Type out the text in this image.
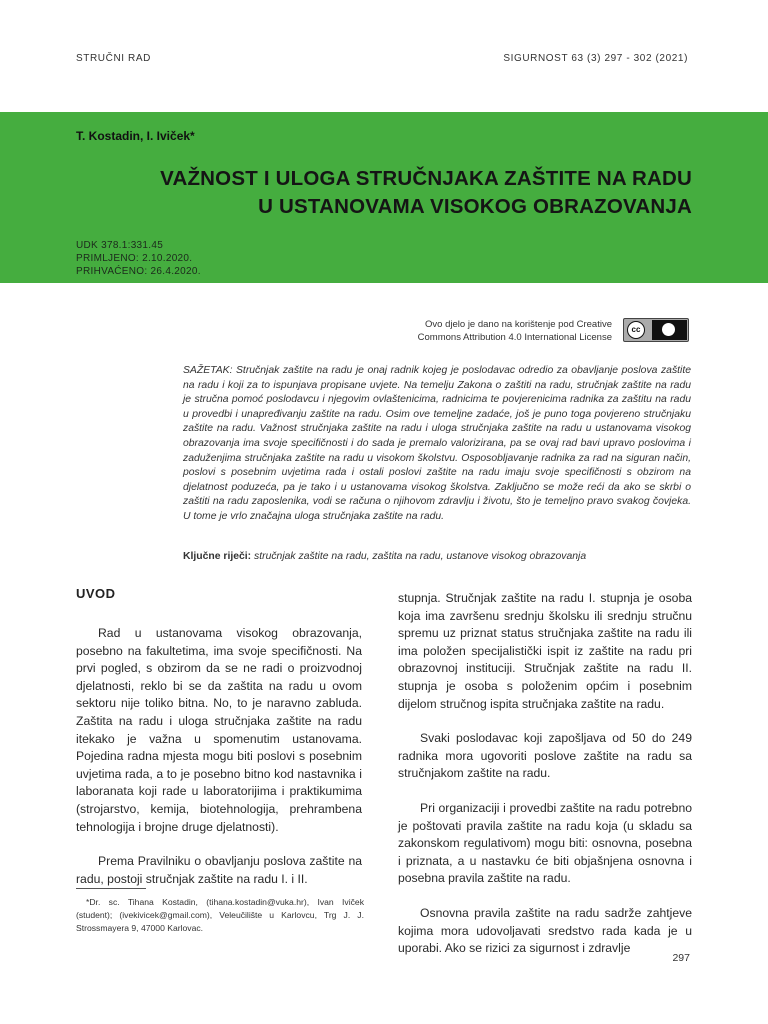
STRUČNI RAD	SIGURNOST 63 (3) 297 - 302 (2021)
T. Kostadin, I. Iviček*
VAŽNOST I ULOGA STRUČNJAKA ZAŠTITE NA RADU
U USTANOVAMA VISOKOG OBRAZOVANJA
UDK 378.1:331.45
PRIMLJENO: 2.10.2020.
PRIHVAĆENO: 26.4.2020.
Ovo djelo je dano na korištenje pod Creative
Commons Attribution 4.0 International License
cc
SAŽETAK: Stručnjak zaštite na radu je onaj radnik kojeg je poslodavac odredio za obavljanje poslova zaštite na radu i koji za to ispunjava propisane uvjete. Na temelju Zakona o zaštiti na radu, stručnjak zaštite na radu je stručna pomoć poslodavcu i njegovim ovlaštenicima, radnicima te povjerenicima radnika za zaštitu na radu u provedbi i unapređivanju zaštite na radu. Osim ove temeljne zadaće, još je puno toga povjereno stručnjaku zaštite na radu. Važnost stručnjaka zaštite na radu i uloga stručnjaka zaštite na radu u ustanovama visokog obrazovanja ima svoje specifičnosti i do sada je premalo valorizirana, pa se ovaj rad bavi upravo poslovima i zaduženjima stručnjaka zaštite na radu u visokom školstvu. Osposobljavanje radnika za rad na siguran način, poslovi s posebnim uvjetima rada i ostali poslovi zaštite na radu imaju svoje specifičnosti s obzirom na djelatnost poduzeća, pa je tako i u ustanovama visokog školstva. Zaključno se može reći da ako se skrbi o zaštiti na radu zaposlenika, vodi se računa o njihovom zdravlju i životu, što je temeljno pravo svakog čovjeka. U tome je vrlo značajna uloga stručnjaka zaštite na radu.
Ključne riječi: stručnjak zaštite na radu, zaštita na radu, ustanove visokog obrazovanja
UVOD

Rad u ustanovama visokog obrazovanja, posebno na fakultetima, ima svoje specifičnosti. Na prvi pogled, s obzirom da se ne radi o proizvodnoj djelatnosti, reklo bi se da zaštita na radu u ovom sektoru nije toliko bitna. No, to je naravno zabluda. Zaštita na radu i uloga stručnjaka zaštite na radu itekako je važna u spomenutim ustanovama. Pojedina radna mjesta mogu biti poslovi s posebnim uvjetima rada, a to je posebno bitno kod nastavnika i laboranata koji rade u laboratorijima i praktikumima (strojarstvo, kemija, biotehnologija, prehrambena tehnologija i brojne druge djelatnosti).

Prema Pravilniku o obavljanju poslova zaštite na radu, postoji stručnjak zaštite na radu I. i II.

stupnja. Stručnjak zaštite na radu I. stupnja je osoba koja ima završenu srednju školsku ili srednju stručnu spremu uz priznat status stručnjaka zaštite na radu ili ima položen specijalistički ispit iz zaštite na radu pri obrazovnoj instituciji. Stručnjak zaštite na radu II. stupnja je osoba s položenim općim i posebnim dijelom stručnog ispita stručnjaka zaštite na radu.

Svaki poslodavac koji zapošljava od 50 do 249 radnika mora ugovoriti poslove zaštite na radu sa stručnjakom zaštite na radu.

Pri organizaciji i provedbi zaštite na radu potrebno je poštovati pravila zaštite na radu koja (u skladu sa zakonskom regulativom) mogu biti: osnovna, posebna i priznata, a u nastavku će biti objašnjena osnovna i posebna pravila zaštite na radu.

Osnovna pravila zaštite na radu sadrže zahtjeve kojima mora udovoljavati sredstvo rada kada je u uporabi. Ako se rizici za sigurnost i zdravlje

*Dr. sc. Tihana Kostadin, (tihana.kostadin@vuka.hr), Ivan Iviček (student); (ivekivicek@gmail.com), Veleučilište u Karlovcu, Trg J. J. Strossmayera 9, 47000 Karlovac.
297
